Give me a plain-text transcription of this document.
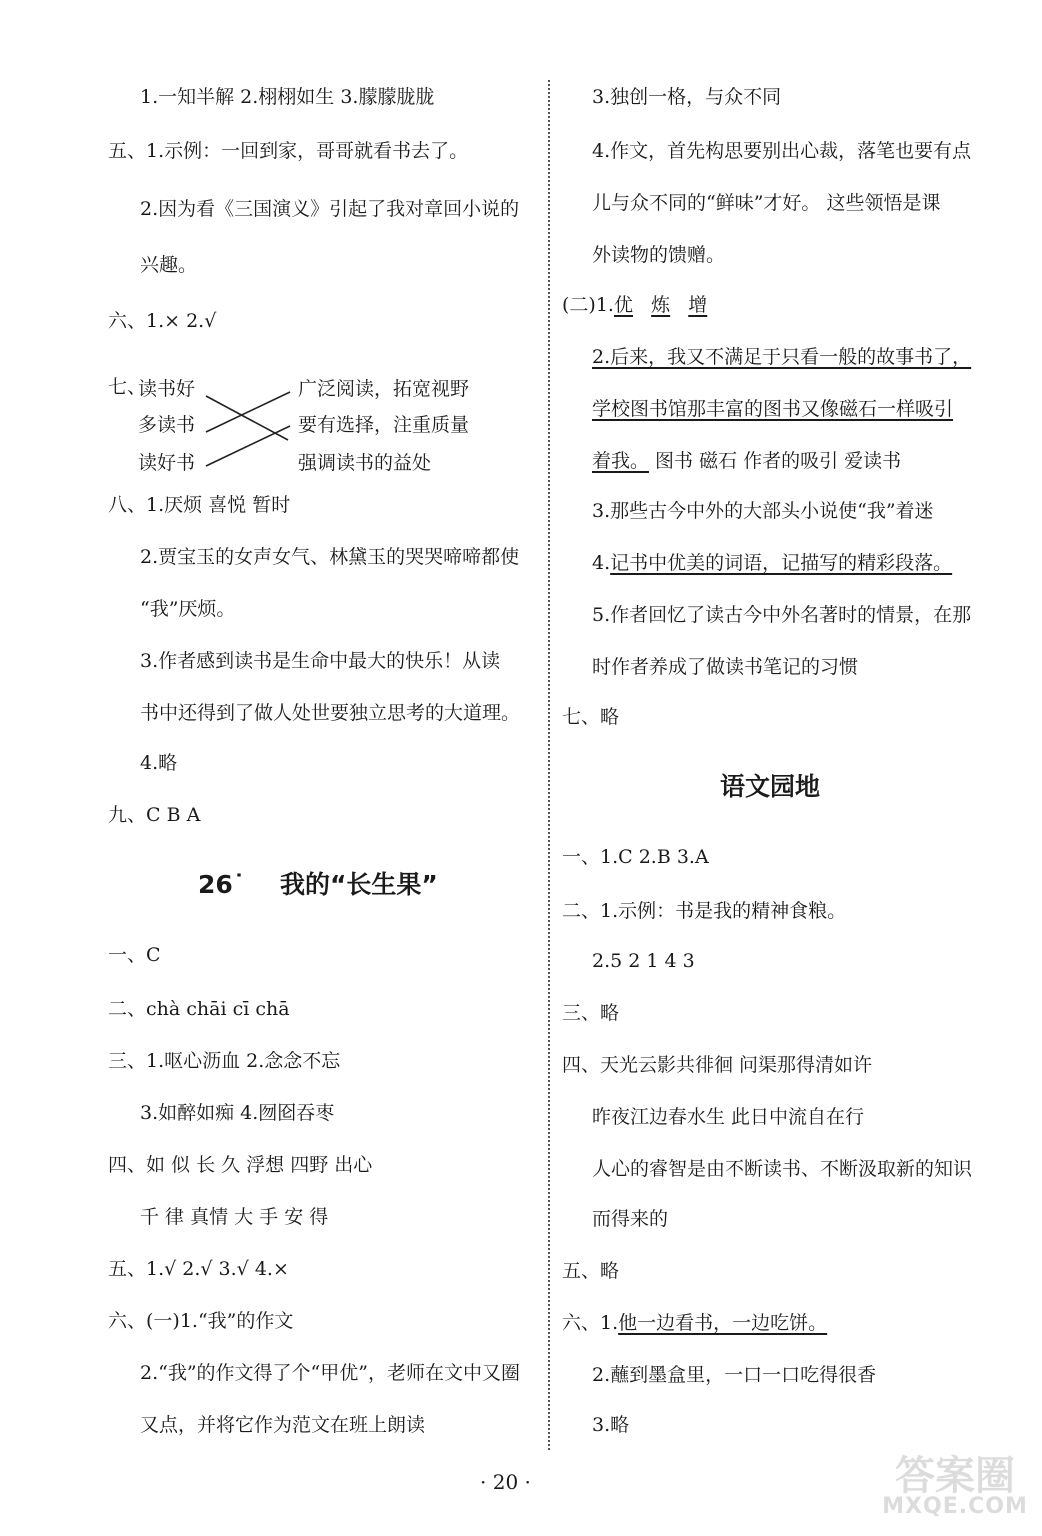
1.一知半解 2.栩栩如生 3.朦朦胧胧
五、1.示例：一回到家，哥哥就看书去了。
2.因为看《三国演义》引起了我对章回小说的
兴趣。
六、1.× 2.√
七、
读书好
多读书
读好书
广泛阅读，拓宽视野
要有选择，注重质量
强调读书的益处
八、1.厌烦 喜悦 暂时
2.贾宝玉的女声女气、林黛玉的哭哭啼啼都使
“我”厌烦。
3.作者感到读书是生命中最大的快乐！从读
书中还得到了做人处世要独立思考的大道理。
4.略
九、C B A
26˙ 我的“长生果”
一、C
二、chà chāi cī chā
三、1.呕心沥血 2.念念不忘
3.如醉如痴 4.囫囵吞枣
四、如 似 长 久 浮想 四野 出心
千 律 真情 大 手 安 得
五、1.√ 2.√ 3.√ 4.×
六、(一)1.“我”的作文
2.“我”的作文得了个“甲优”，老师在文中又圈
又点，并将它作为范文在班上朗读
3.独创一格，与众不同
4.作文，首先构思要别出心裁，落笔也要有点
儿与众不同的“鲜味”才好。 这些领悟是课
外读物的馈赠。
(二)1.优 炼 增
2.后来，我又不满足于只看一般的故事书了，
学校图书馆那丰富的图书又像磁石一样吸引
着我。 图书 磁石 作者的吸引 爱读书
3.那些古今中外的大部头小说使“我”着迷
4.记书中优美的词语，记描写的精彩段落。
5.作者回忆了读古今中外名著时的情景，在那
时作者养成了做读书笔记的习惯
七、略
语文园地
一、1.C 2.B 3.A
二、1.示例：书是我的精神食粮。
2.5 2 1 4 3
三、略
四、天光云影共徘徊 问渠那得清如许
昨夜江边春水生 此日中流自在行
人心的睿智是由不断读书、不断汲取新的知识
而得来的
五、略
六、1.他一边看书，一边吃饼。
2.蘸到墨盒里，一口一口吃得很香
3.略
· 20 ·	答案圈
MXQE.COM
